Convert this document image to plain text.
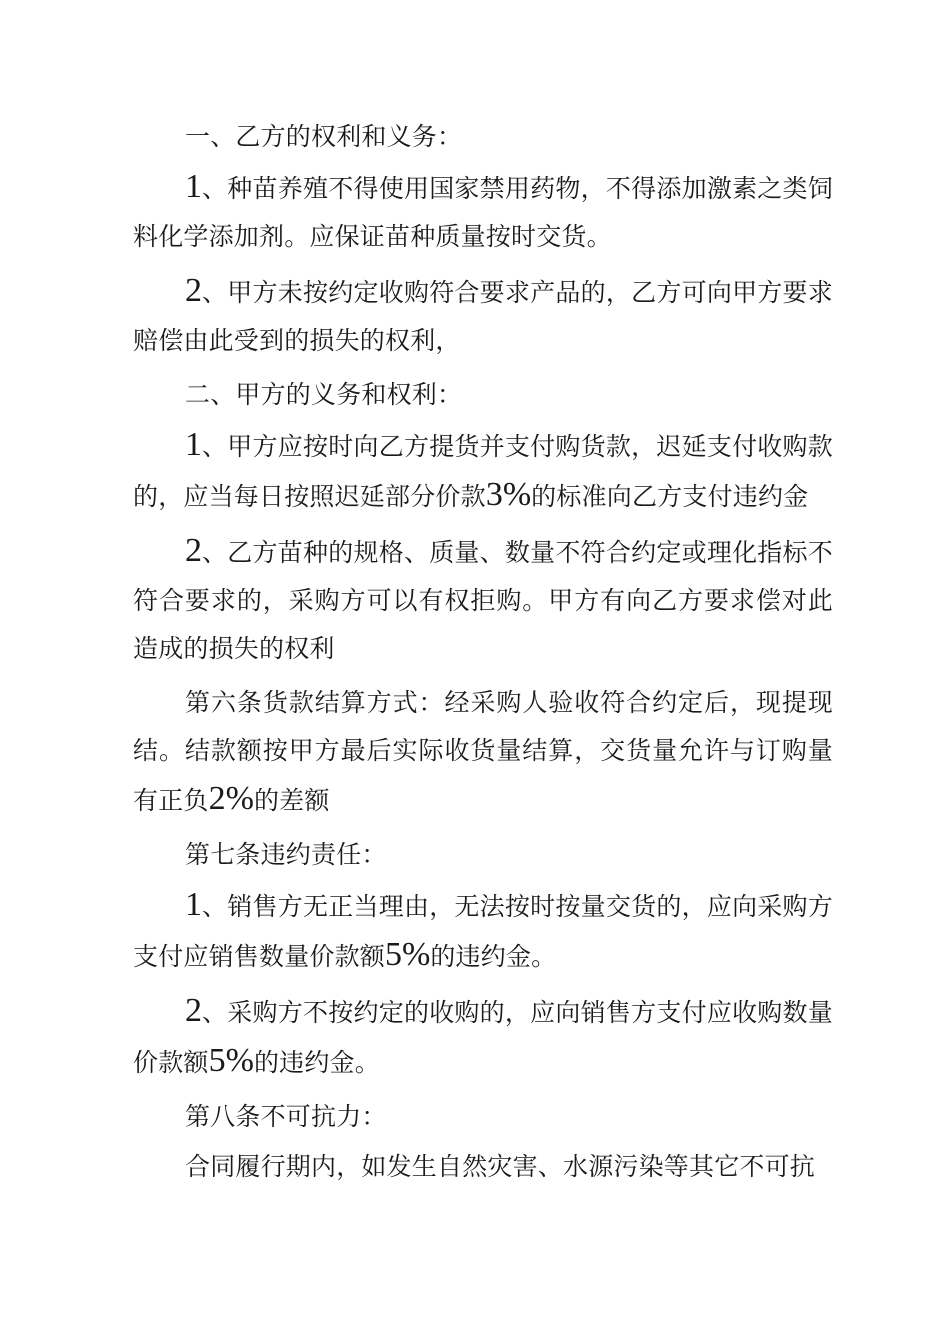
一、乙方的权利和义务：

1、种苗养殖不得使用国家禁用药物，不得添加激素之类饲料化学添加剂。应保证苗种质量按时交货。

2、甲方未按约定收购符合要求产品的，乙方可向甲方要求赔偿由此受到的损失的权利，

二、甲方的义务和权利：

1、甲方应按时向乙方提货并支付购货款，迟延支付收购款的，应当每日按照迟延部分价款3%的标准向乙方支付违约金

2、乙方苗种的规格、质量、数量不符合约定或理化指标不符合要求的，采购方可以有权拒购。甲方有向乙方要求偿对此造成的损失的权利

第六条货款结算方式：经采购人验收符合约定后，现提现结。结款额按甲方最后实际收货量结算，交货量允许与订购量有正负2%的差额

第七条违约责任：

1、销售方无正当理由，无法按时按量交货的，应向采购方支付应销售数量价款额5%的违约金。

2、采购方不按约定的收购的，应向销售方支付应收购数量价款额5%的违约金。

第八条不可抗力：

合同履行期内，如发生自然灾害、水源污染等其它不可抗
